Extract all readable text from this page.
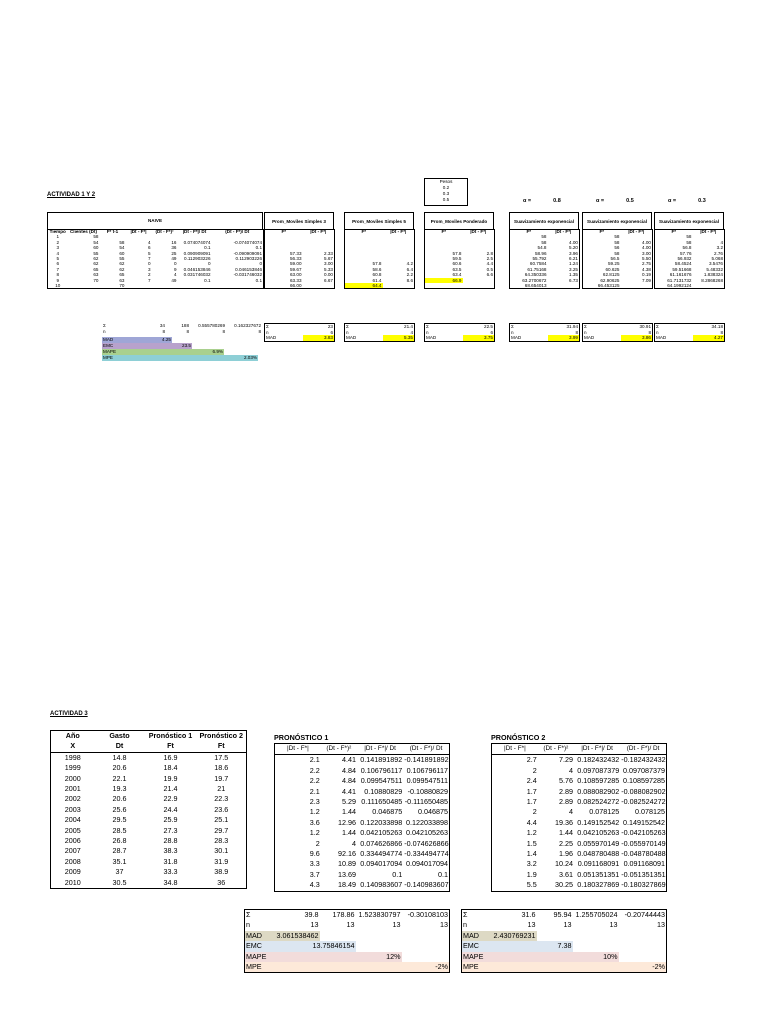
ACTIVIDAD 1 Y 2
Pesos
0.2
0.3
0.5	α =	0.8	α =	0.5	α =	0.3
NAIVE
Tiempo	Clientes (Dt)	F* t-1	|Dt - F*|	(Dt - F*)²	|Dt - F*|/ Dt	(Dt - F*)/ Dt
1	58					
2	54	58	4	16	0.074074074	-0.074074074
3	60	54	6	36	0.1	0.1
4	55	60	5	25	0.090909091	-0.090909091
5	62	55	7	49	0.112903226	0.112903226
6	62	62	0	0	0	0
7	65	62	3	9	0.046153846	0.046153846
8	63	65	2	4	0.031746032	-0.031746032
9	70	63	7	49	0.1	0.1
10		70				
Prom_Moviles Simples 3
F*	|Dt - F*|

57.33	2.33
56.33	5.67
59.00	3.00
59.67	5.33
63.00	0.00
63.33	6.67
66.00	
Σ	23
n	6
MAD	3.83
Prom_Moviles Simples 5
F*	|Dt - F*|

57.8	4.2
58.6	6.4
60.8	2.2
61.4	8.6
64.4	
Σ	21.4
n	4
MAD	5.35
Prom_Moviles Ponderado
F*	|Dt - F*|

57.8	2.8
59.5	2.5
60.6	4.4
63.5	0.5
63.4	6.6
66.9	

Σ	22.5
n	6
MAD	3.75
Suavizamiento exponencial
F*	|Dt - F*|
58	
58	4.00
54.8	5.20
58.96	3.96
55.792	6.21
60.7584	1.24
61.75168	3.25
64.350336	1.35
63.2700672	6.73
68.654013	
Σ	31.94
n	8
MAD	3.99
Suavizamiento exponencial
F*	|Dt - F*|
58	
58	4.00
56	4.00
58	3.00
56.5	5.50
59.25	2.75
60.625	4.38
62.8125	0.19
62.90625	7.09
66.453125	
Σ	30.91
n	8
MAD	3.86
Suavizamiento exponencial
F*	|Dt - F*|
58	
58	4
56.8	3.2
57.76	2.76
56.932	5.068
58.4524	3.5476
59.51668	5.48332
61.161676	1.838324
61.7131732	8.2868268
64.1992124	
Σ	34.18
n	8
MAD	4.27
Σ	34	188	0.555780269	0.162327672
n	8	8	8	8
MAD	4.25
EMC	23.5
MAPE	6.9%
MPE	2.03%
ACTIVIDAD 3
Año	Gasto	Pronóstico 1	Pronóstico 2
X	Dt	Ft	Ft
1998	14.8	16.9	17.5
1999	20.6	18.4	18.6
2000	22.1	19.9	19.7
2001	19.3	21.4	21
2002	20.6	22.9	22.3
2003	25.6	24.4	23.6
2004	29.5	25.9	25.1
2005	28.5	27.3	29.7
2006	26.8	28.8	28.3
2007	28.7	38.3	30.1
2008	35.1	31.8	31.9
2009	37	33.3	38.9
2010	30.5	34.8	36
PRONÓSTICO 1	PRONÓSTICO 2
|Dt - F*|	(Dt - F*)²	|Dt - F*|/ Dt	(Dt - F*)/ Dt
2.1	4.41	0.141891892	-0.141891892
2.2	4.84	0.106796117	0.106796117
2.2	4.84	0.099547511	0.099547511
2.1	4.41	0.10880829	-0.10880829
2.3	5.29	0.111650485	-0.111650485
1.2	1.44	0.046875	0.046875
3.6	12.96	0.122033898	0.122033898
1.2	1.44	0.042105263	0.042105263
2	4	0.074626866	-0.074626866
9.6	92.16	0.334494774	-0.334494774
3.3	10.89	0.094017094	0.094017094
3.7	13.69	0.1	0.1
4.3	18.49	0.140983607	-0.140983607
Σ	39.8	178.86	1.523830797	-0.30108103
n	13	13	13	13
MAD	3.061538462			
EMC	13.75846154			
MAPE	12%			
MPE	-2%			
|Dt - F*|	(Dt - F*)²	|Dt - F*|/ Dt	(Dt - F*)/ Dt
2.7	7.29	0.182432432	-0.182432432
2	4	0.097087379	0.097087379
2.4	5.76	0.108597285	0.108597285
1.7	2.89	0.088082902	-0.088082902
1.7	2.89	0.082524272	-0.082524272
2	4	0.078125	0.078125
4.4	19.36	0.149152542	0.149152542
1.2	1.44	0.042105263	-0.042105263
1.5	2.25	0.055970149	-0.055970149
1.4	1.96	0.048780488	-0.048780488
3.2	10.24	0.091168091	0.091168091
1.9	3.61	0.051351351	-0.051351351
5.5	30.25	0.180327869	-0.180327869
Σ	31.6	95.94	1.255705024	-0.20744443
n	13	13	13	13
MAD	2.430769231			
EMC	7.38			
MAPE	10%			
MPE	-2%			
